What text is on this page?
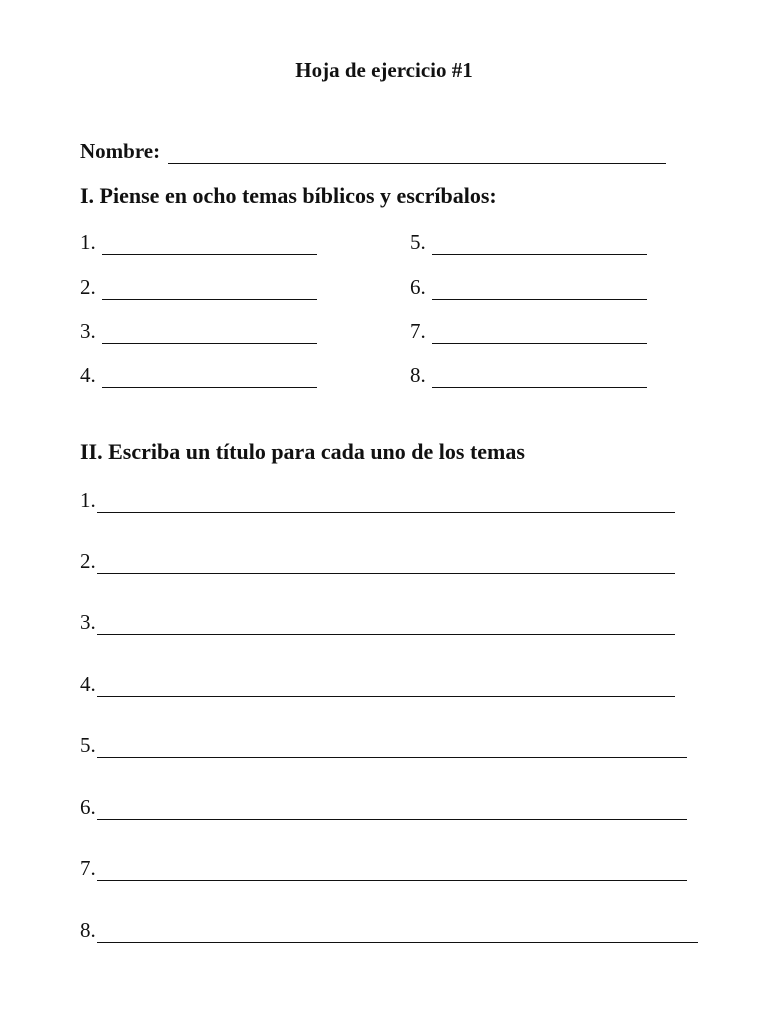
Hoja de ejercicio #1
Nombre:
I. Piense en ocho temas bíblicos y escríbalos:
1.
2.
3.
4.
5.
6.
7.
8.
II. Escriba un título para cada uno de los temas
1.
2.
3.
4.
5.
6.
7.
8.
